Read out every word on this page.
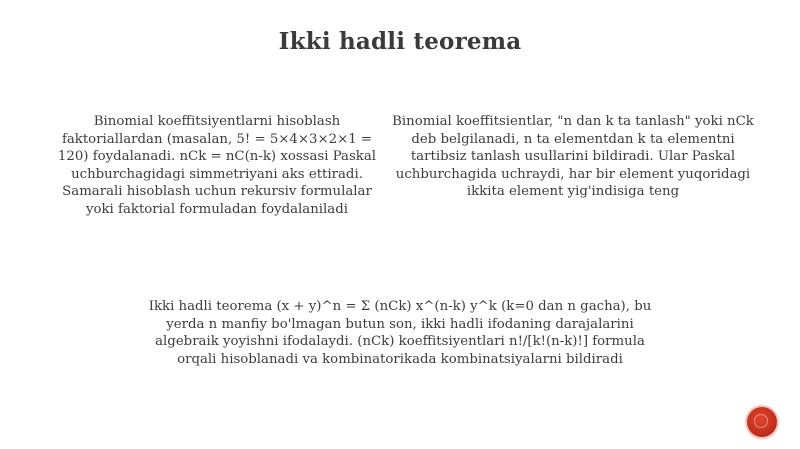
Ikki hadli teorema
Binomial koeffitsiyentlarni hisoblash faktoriallardan (masalan, 5! = 5×4×3×2×1 = 120) foydalanadi. nCk = nC(n-k) xossasi Paskal uchburchagidagi simmetriyani aks ettiradi. Samarali hisoblash uchun rekursiv formulalar yoki faktorial formuladan foydalaniladi
Binomial koeffitsientlar, "n dan k ta tanlash" yoki nCk deb belgilanadi, n ta elementdan k ta elementni tartibsiz tanlash usullarini bildiradi. Ular Paskal uchburchagida uchraydi, har bir element yuqoridagi ikkita element yig'indisiga teng
Ikki hadli teorema (x + y)^n = Σ (nCk) x^(n-k) y^k (k=0 dan n gacha), bu yerda n manfiy bo'lmagan butun son, ikki hadli ifodaning darajalarini algebraik yoyishni ifodalaydi. (nCk) koeffitsiyentlari n!/[k!(n-k)!] formula orqali hisoblanadi va kombinatorikada kombinatsiyalarni bildiradi
